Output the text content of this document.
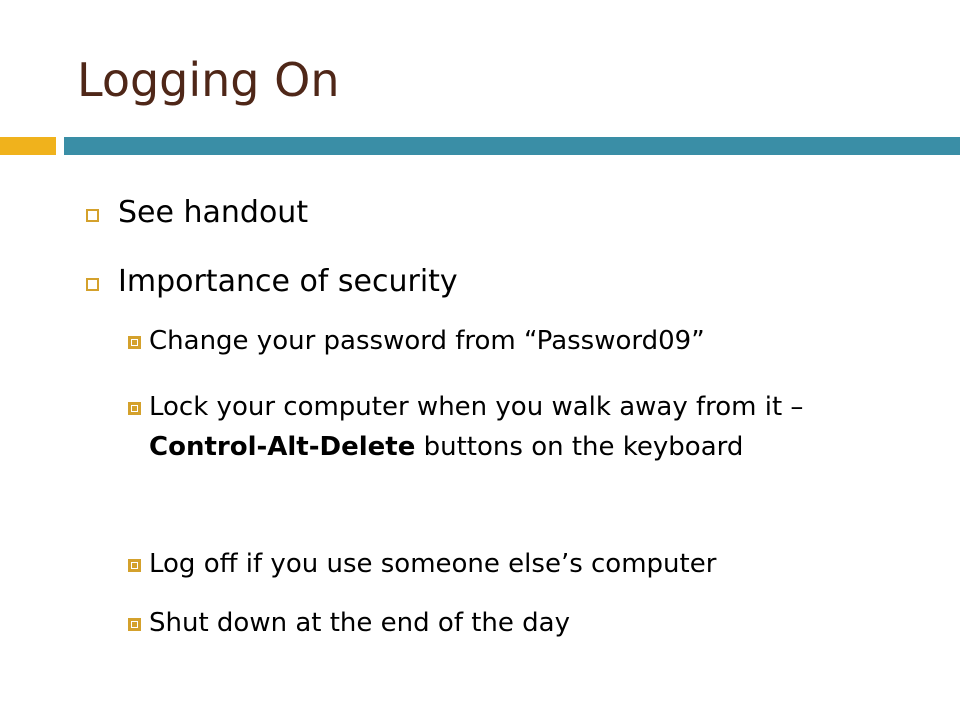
Logging On
See handout
Importance of security
Change your password from “Password09”
Lock your computer when you walk away from it – Control-Alt-Delete buttons on the keyboard
Log off if you use someone else’s computer
Shut down at the end of the day
